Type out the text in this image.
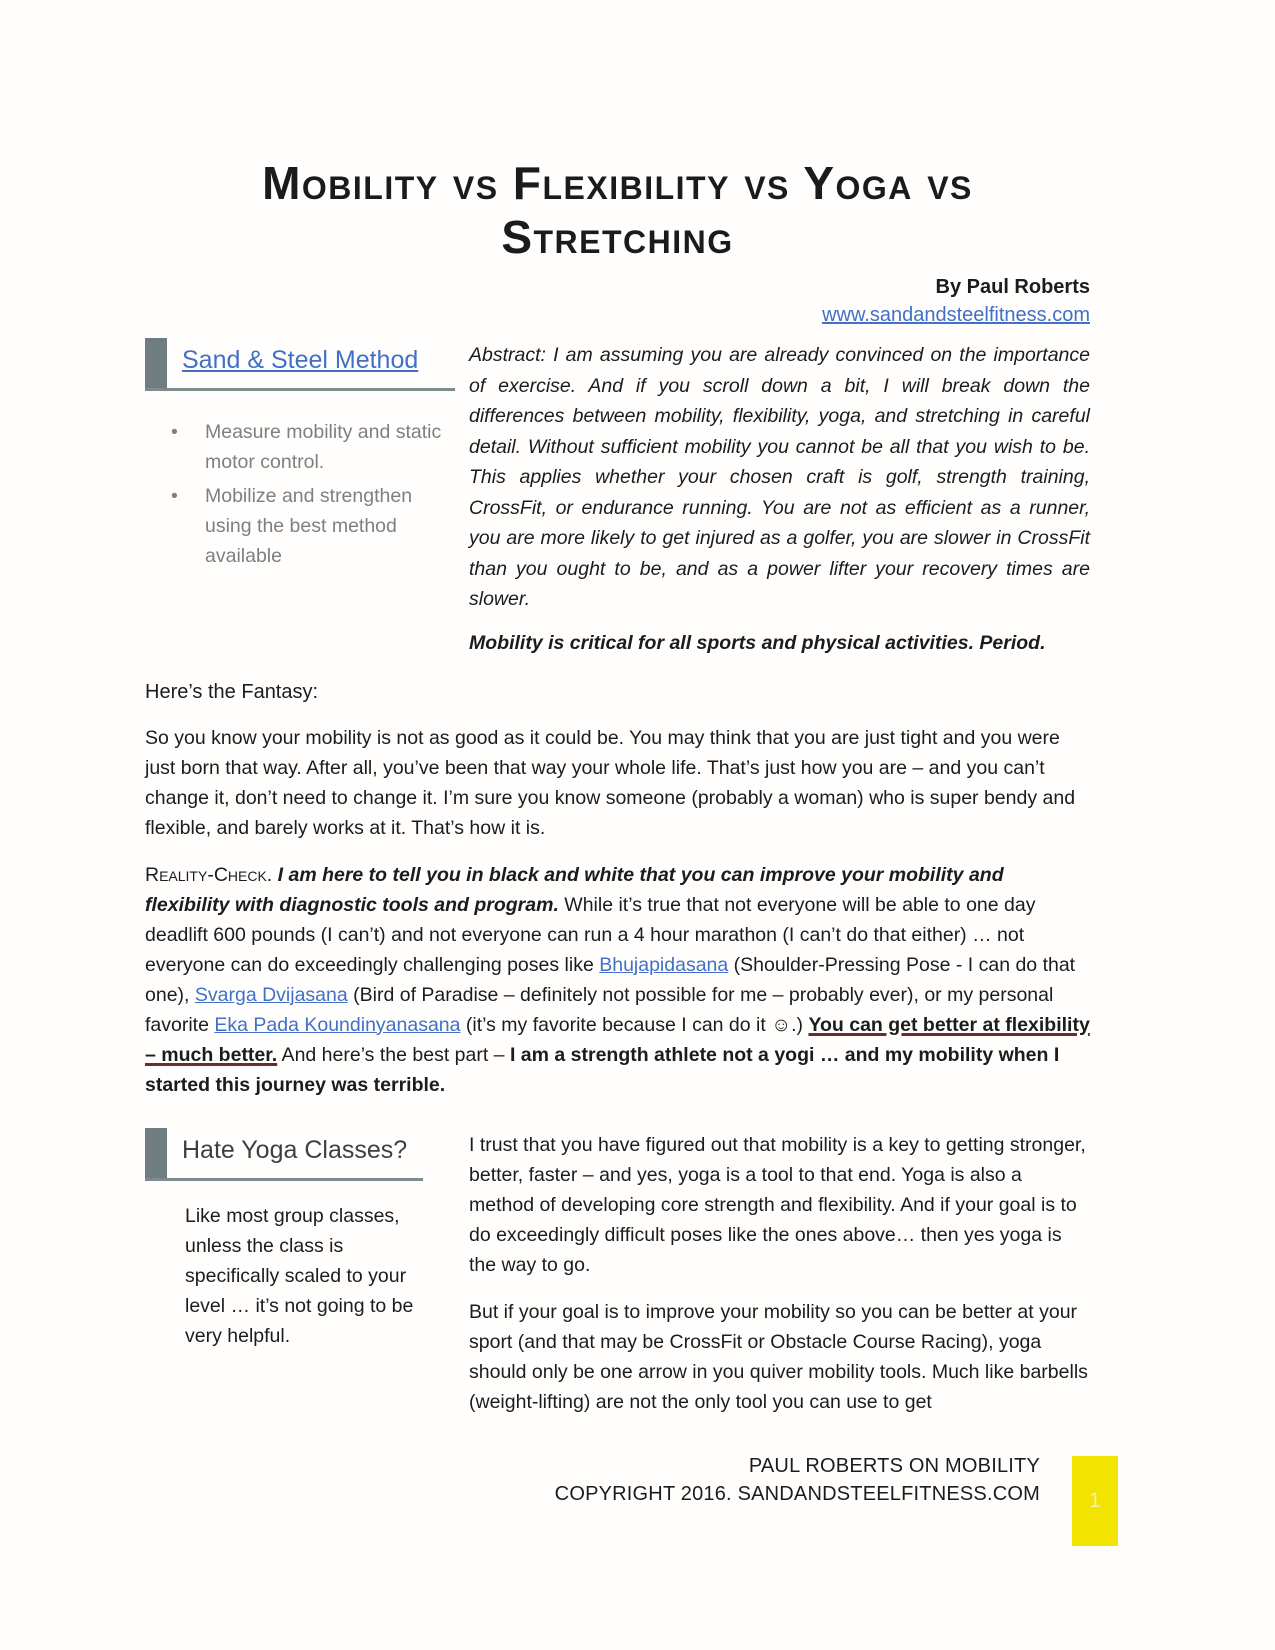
Mobility vs Flexibility vs Yoga vs Stretching
By Paul Roberts
www.sandandsteelfitness.com
Sand & Steel Method
• Measure mobility and static motor control.
• Mobilize and strengthen using the best method available

Abstract: I am assuming you are already convinced on the importance of exercise. And if you scroll down a bit, I will break down the differences between mobility, flexibility, yoga, and stretching in careful detail. Without sufficient mobility you cannot be all that you wish to be. This applies whether your chosen craft is golf, strength training, CrossFit, or endurance running. You are not as efficient as a runner, you are more likely to get injured as a golfer, you are slower in CrossFit than you ought to be, and as a power lifter your recovery times are slower.

Mobility is critical for all sports and physical activities. Period.

Here’s the Fantasy:

So you know your mobility is not as good as it could be. You may think that you are just tight and you were just born that way. After all, you’ve been that way your whole life. That’s just how you are – and you can’t change it, don’t need to change it. I’m sure you know someone (probably a woman) who is super bendy and flexible, and barely works at it. That’s how it is.

Reality-Check. I am here to tell you in black and white that you can improve your mobility and flexibility with diagnostic tools and program. While it’s true that not everyone will be able to one day deadlift 600 pounds (I can’t) and not everyone can run a 4 hour marathon (I can’t do that either) … not everyone can do exceedingly challenging poses like Bhujapidasana (Shoulder-Pressing Pose - I can do that one), Svarga Dvijasana (Bird of Paradise – definitely not possible for me – probably ever), or my personal favorite Eka Pada Koundinyanasana (it’s my favorite because I can do it ☺.) You can get better at flexibility – much better. And here’s the best part – I am a strength athlete not a yogi … and my mobility when I started this journey was terrible.

Hate Yoga Classes?

Like most group classes, unless the class is specifically scaled to your level … it’s not going to be very helpful.

I trust that you have figured out that mobility is a key to getting stronger, better, faster – and yes, yoga is a tool to that end. Yoga is also a method of developing core strength and flexibility. And if your goal is to do exceedingly difficult poses like the ones above… then yes yoga is the way to go.

But if your goal is to improve your mobility so you can be better at your sport (and that may be CrossFit or Obstacle Course Racing), yoga should only be one arrow in you quiver mobility tools. Much like barbells (weight-lifting) are not the only tool you can use to get

PAUL ROBERTS ON MOBILITY
COPYRIGHT 2016. SANDANDSTEELFITNESS.COM 1
